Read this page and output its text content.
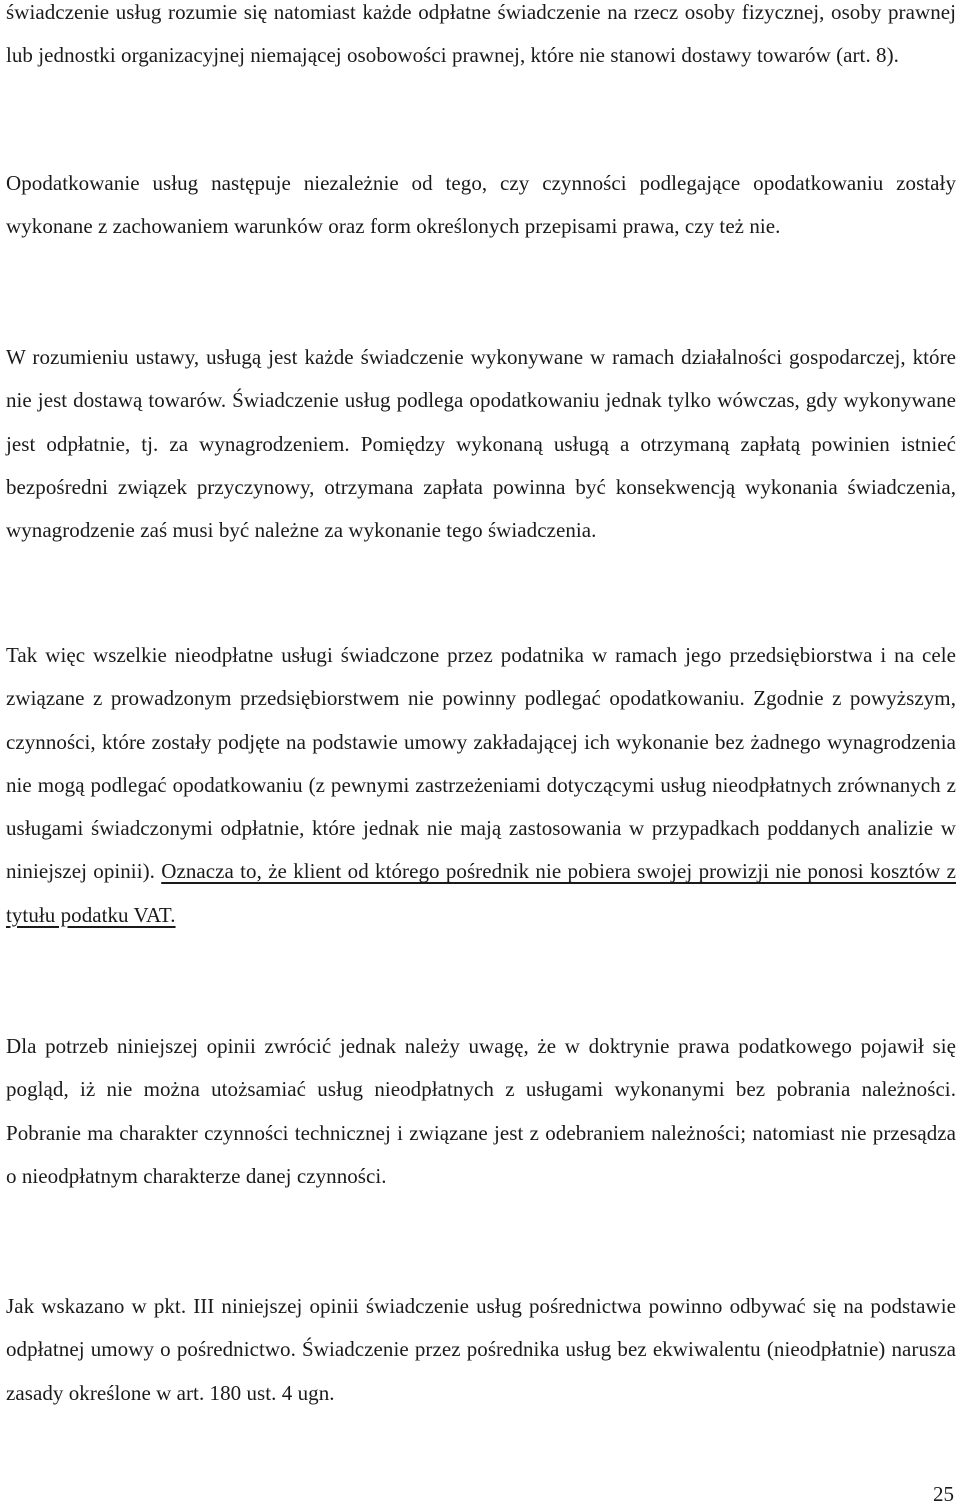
świadczenie usług rozumie się natomiast każde odpłatne świadczenie na rzecz osoby fizycznej, osoby prawnej lub jednostki organizacyjnej niemającej osobowości prawnej, które nie stanowi dostawy towarów (art. 8).

Opodatkowanie usług następuje niezależnie od tego, czy czynności podlegające opodatkowaniu zostały wykonane z zachowaniem warunków oraz form określonych przepisami prawa, czy też nie.

W rozumieniu ustawy, usługą jest każde świadczenie wykonywane w ramach działalności gospodarczej, które nie jest dostawą towarów. Świadczenie usług podlega opodatkowaniu jednak tylko wówczas, gdy wykonywane jest odpłatnie, tj. za wynagrodzeniem. Pomiędzy wykonaną usługą a otrzymaną zapłatą powinien istnieć bezpośredni związek przyczynowy, otrzymana zapłata powinna być konsekwencją wykonania świadczenia, wynagrodzenie zaś musi być należne za wykonanie tego świadczenia.

Tak więc wszelkie nieodpłatne usługi świadczone przez podatnika w ramach jego przedsiębiorstwa i na cele związane z prowadzonym przedsiębiorstwem nie powinny podlegać opodatkowaniu. Zgodnie z powyższym, czynności, które zostały podjęte na podstawie umowy zakładającej ich wykonanie bez żadnego wynagrodzenia nie mogą podlegać opodatkowaniu (z pewnymi zastrzeżeniami dotyczącymi usług nieodpłatnych zrównanych z usługami świadczonymi odpłatnie, które jednak nie mają zastosowania w przypadkach poddanych analizie w niniejszej opinii). Oznacza to, że klient od którego pośrednik nie pobiera swojej prowizji nie ponosi kosztów z tytułu podatku VAT.

Dla potrzeb niniejszej opinii zwrócić jednak należy uwagę, że w doktrynie prawa podatkowego pojawił się pogląd, iż nie można utożsamiać usług nieodpłatnych z usługami wykonanymi bez pobrania należności. Pobranie ma charakter czynności technicznej i związane jest z odebraniem należności; natomiast nie przesądza o nieodpłatnym charakterze danej czynności.

Jak wskazano w pkt. III niniejszej opinii świadczenie usług pośrednictwa powinno odbywać się na podstawie odpłatnej umowy o pośrednictwo. Świadczenie przez pośrednika usług bez ekwiwalentu (nieodpłatnie) narusza zasady określone w art. 180 ust. 4 ugn.

25
